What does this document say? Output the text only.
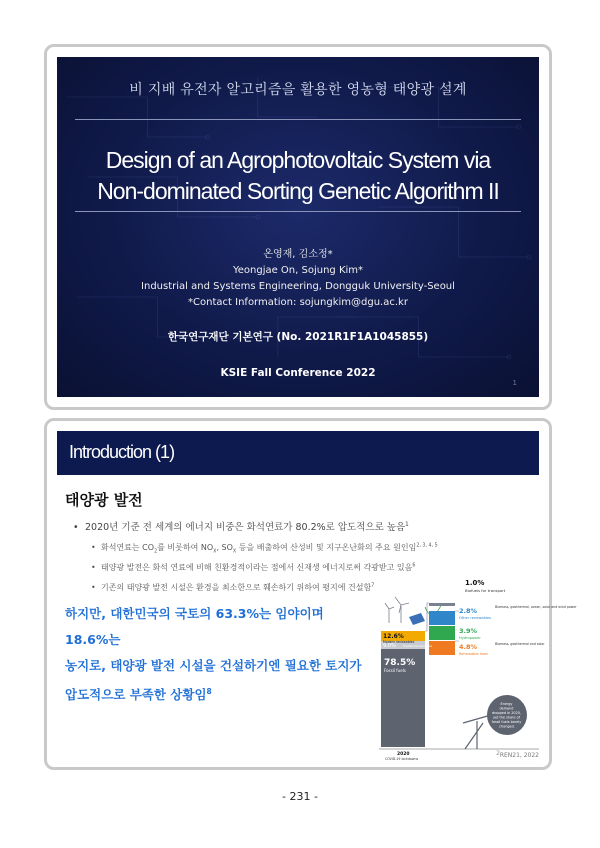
비 지배 유전자 알고리즘을 활용한 영농형 태양광 설계
Design of an Agrophotovoltaic System via
Non-dominated Sorting Genetic Algorithm II
온영재, 김소정*
Yeongjae On, Sojung Kim*
Industrial and Systems Engineering, Dongguk University-Seoul
*Contact Information: sojungkim@dgu.ac.kr
한국연구재단 기본연구 (No. 2021R1F1A1045855)
KSIE Fall Conference 2022
1
Introduction (1)
태양광 발전
• 2020년 기준 전 세계의 에너지 비중은 화석연료가 80.2%로 압도적으로 높음$^1$
• 화석연료는 $CO_2$를 비롯하여 $NO_X$, $SO_X$ 등을 배출하여 산성비 및 지구온난화의 주요 원인임$^{2, 3, 4, 5}$
• 태양광 발전은 화석 연료에 비해 친환경적이라는 점에서 신재생 에너지로써 각광받고 있음$^6$
• 기존의 태양광 발전 시설은 환경을 최소한으로 훼손하기 위하여 평지에 건설함$^7$
하지만, 대한민국의 국토의 63.3%는 임야이며 18.6%는
농지로, 태양광 발전 시설을 건설하기엔 필요한 토지가
압도적으로 부족한 상황임$^8$
1.0%
Biofuels for transport
2.8%
Other renewables
Biomass, geothermal, ocean, solar and wind power
3.9%
Hydropower
4.8%
Renewable heat
Biomass, geothermal and solar
12.6%
Modern renewables
9.0%	Traditional biomass
78.5%
Fossil fuels
Energy demand dropped in 2020, yet the share of fossil fuels barely changed.
2020
COVID-19 lockdowns
2 REN21, 2022
- 231 -
